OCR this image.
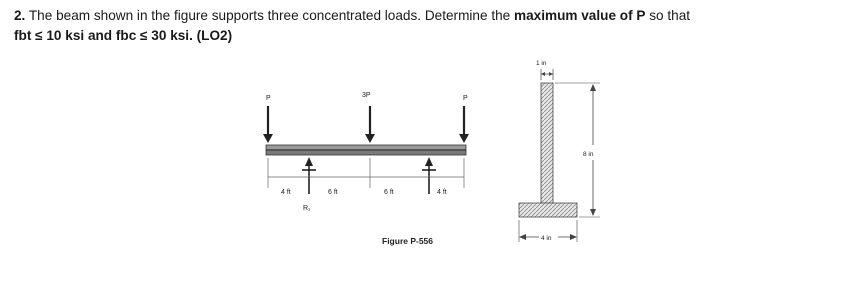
2. The beam shown in the figure supports three concentrated loads. Determine the maximum value of P so that
fbt ≤ 10 ksi and fbc ≤ 30 ksi. (LO2)
P	3P	P
4 ft	6 ft	6 ft	4 ft
R₁
Figure P-556
1 in
8 in
4 in
